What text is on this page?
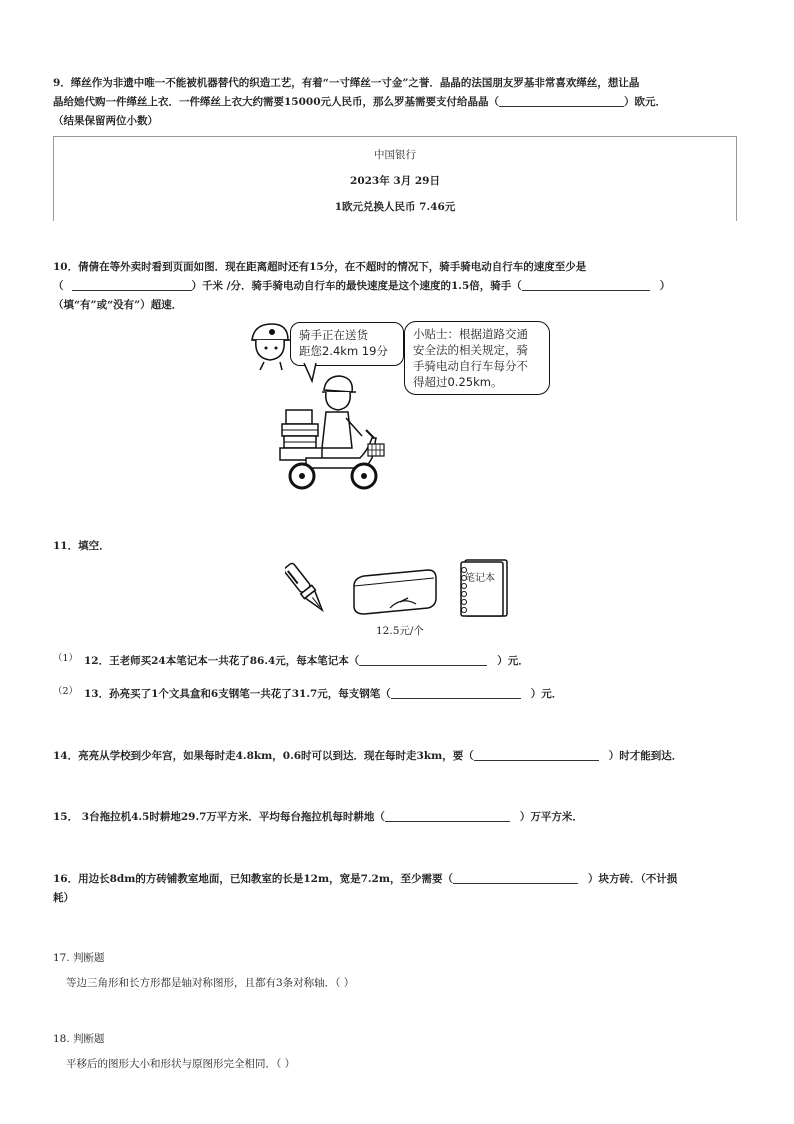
9．缂丝作为非遗中唯一不能被机器替代的织造工艺，有着“一寸缂丝一寸金”之誉．晶晶的法国朋友罗基非常喜欢缂丝，想让晶
晶给她代购一件缂丝上衣．一件缂丝上衣大约需要15000元人民币，那么罗基需要支付给晶晶（	）欧元．
（结果保留两位小数）
中国银行
2023年 3月 29日
1欧元兑换人民币 7.46元
10．倩倩在等外卖时看到页面如图．现在距离超时还有15分，在不超时的情况下，骑手骑电动自行车的速度至少是
（	）千米 /分．骑手骑电动自行车的最快速度是这个速度的1.5倍，骑手（	）
（填“有”或“没有”）超速．
骑手正在送货
距您2.4km 19分
小贴士：根据道路交通
安全法的相关规定，骑
手骑电动自行车每分不
得超过0.25km。
11．填空．
笔记本
12.5元/个
（1） 12．王老师买24本笔记本一共花了86.4元，每本笔记本（	）元．
（2） 13．孙亮买了1个文具盒和6支钢笔一共花了31.7元，每支钢笔（	）元．
14．亮亮从学校到少年宫，如果每时走4.8km，0.6时可以到达．现在每时走3km，要（	）时才能到达．
15． 3台拖拉机4.5时耕地29.7万平方米．平均每台拖拉机每时耕地（	）万平方米．
16．用边长8dm的方砖铺教室地面，已知教室的长是12m，宽是7.2m，至少需要（	）块方砖．（不计损
耗）
17. 判断题
等边三角形和长方形都是轴对称图形，且都有3条对称轴．（ ）
18. 判断题
平移后的图形大小和形状与原图形完全相同．（ ）
